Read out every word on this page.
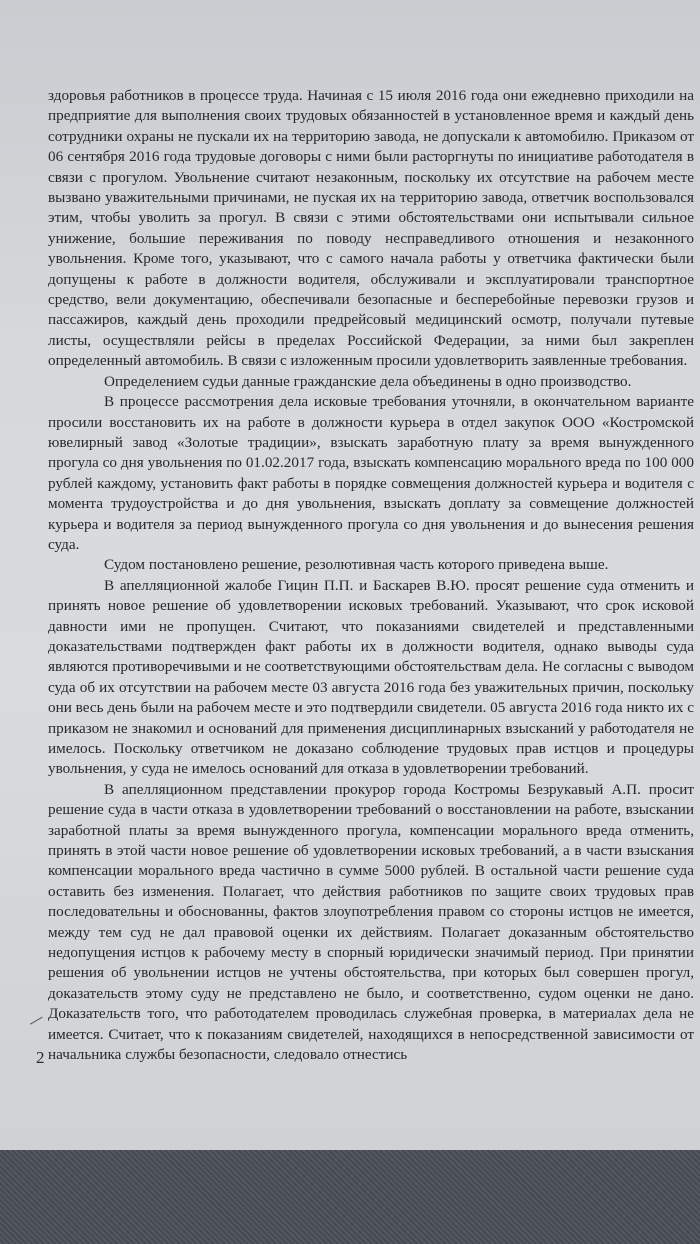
здоровья работников в процессе труда. Начиная с 15 июля 2016 года они ежедневно приходили на предприятие для выполнения своих трудовых обязанностей в установленное время и каждый день сотрудники охраны не пускали их на территорию завода, не допускали к автомобилю. Приказом от 06 сентября 2016 года трудовые договоры с ними были расторгнуты по инициативе работодателя в связи с прогулом. Увольнение считают незаконным, поскольку их отсутствие на рабочем месте вызвано уважительными причинами, не пуская их на территорию завода, ответчик воспользовался этим, чтобы уволить за прогул. В связи с этими обстоятельствами они испытывали сильное унижение, большие переживания по поводу несправедливого отношения и незаконного увольнения. Кроме того, указывают, что с самого начала работы у ответчика фактически были допущены к работе в должности водителя, обслуживали и эксплуатировали транспортное средство, вели документацию, обеспечивали безопасные и бесперебойные перевозки грузов и пассажиров, каждый день проходили предрейсовый медицинский осмотр, получали путевые листы, осуществляли рейсы в пределах Российской Федерации, за ними был закреплен определенный автомобиль. В связи с изложенным просили удовлетворить заявленные требования.

Определением судьи данные гражданские дела объединены в одно производство.

В процессе рассмотрения дела исковые требования уточняли, в окончательном варианте просили восстановить их на работе в должности курьера в отдел закупок ООО «Костромской ювелирный завод «Золотые традиции», взыскать заработную плату за время вынужденного прогула со дня увольнения по 01.02.2017 года, взыскать компенсацию морального вреда по 100 000 рублей каждому, установить факт работы в порядке совмещения должностей курьера и водителя с момента трудоустройства и до дня увольнения, взыскать доплату за совмещение должностей курьера и водителя за период вынужденного прогула со дня увольнения и до вынесения решения суда.

Судом постановлено решение, резолютивная часть которого приведена выше.

В апелляционной жалобе Гицин П.П. и Баскарев В.Ю. просят решение суда отменить и принять новое решение об удовлетворении исковых требований. Указывают, что срок исковой давности ими не пропущен. Считают, что показаниями свидетелей и представленными доказательствами подтвержден факт работы их в должности водителя, однако выводы суда являются противоречивыми и не соответствующими обстоятельствам дела. Не согласны с выводом суда об их отсутствии на рабочем месте 03 августа 2016 года без уважительных причин, поскольку они весь день были на рабочем месте и это подтвердили свидетели. 05 августа 2016 года никто их с приказом не знакомил и оснований для применения дисциплинарных взысканий у работодателя не имелось. Поскольку ответчиком не доказано соблюдение трудовых прав истцов и процедуры увольнения, у суда не имелось оснований для отказа в удовлетворении требований.

В апелляционном представлении прокурор города Костромы Безрукавый А.П. просит решение суда в части отказа в удовлетворении требований о восстановлении на работе, взыскании заработной платы за время вынужденного прогула, компенсации морального вреда отменить, принять в этой части новое решение об удовлетворении исковых требований, а в части взыскания компенсации морального вреда частично в сумме 5000 рублей. В остальной части решение суда оставить без изменения. Полагает, что действия работников по защите своих трудовых прав последовательны и обоснованны, фактов злоупотребления правом со стороны истцов не имеется, между тем суд не дал правовой оценки их действиям. Полагает доказанным обстоятельство недопущения истцов к рабочему месту в спорный юридически значимый период. При принятии решения об увольнении истцов не учтены обстоятельства, при которых был совершен прогул, доказательств этому суду не представлено не было, и соответственно, судом оценки не дано. Доказательств того, что работодателем проводилась служебная проверка, в материалах дела не имеется. Считает, что к показаниям свидетелей, находящихся в непосредственной зависимости от начальника службы безопасности, следовало отнестись

2
